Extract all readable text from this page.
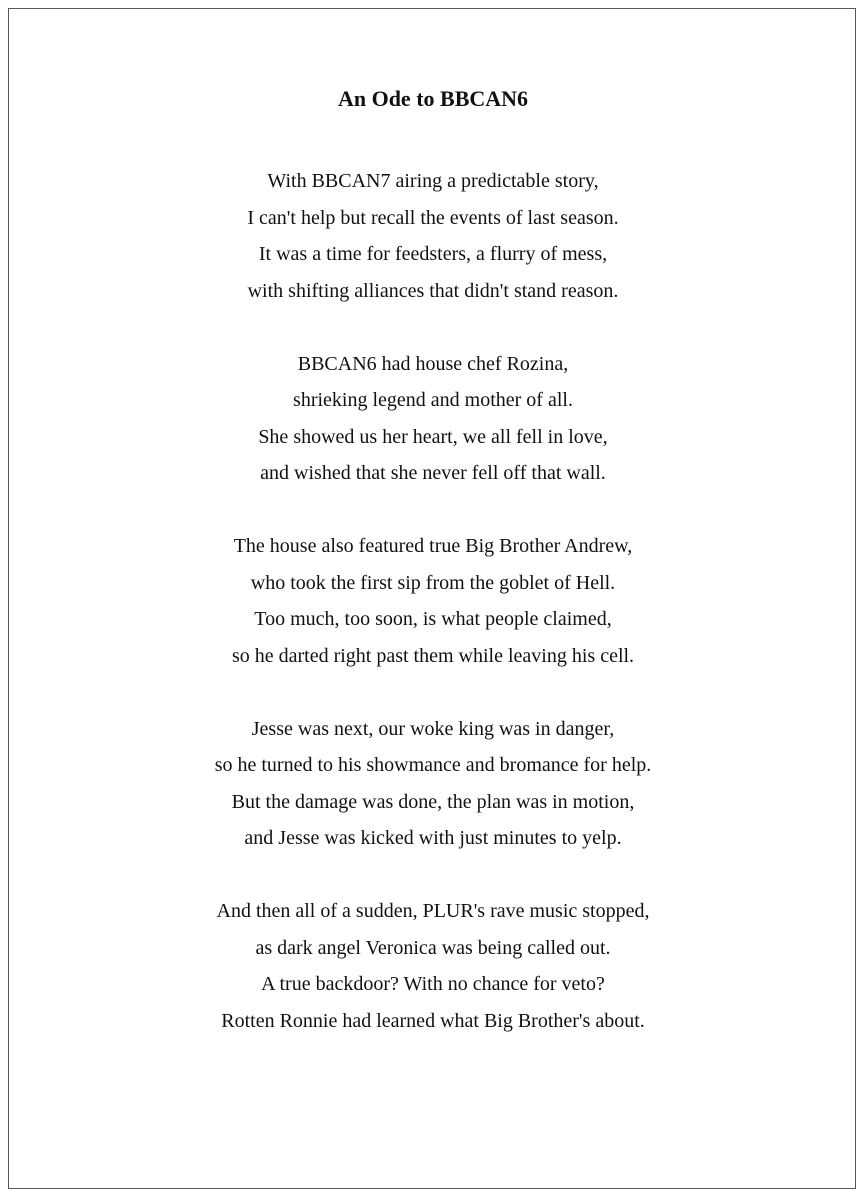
An Ode to BBCAN6
With BBCAN7 airing a predictable story,
I can't help but recall the events of last season.
It was a time for feedsters, a flurry of mess,
with shifting alliances that didn't stand reason.
BBCAN6 had house chef Rozina,
shrieking legend and mother of all.
She showed us her heart, we all fell in love,
and wished that she never fell off that wall.
The house also featured true Big Brother Andrew,
who took the first sip from the goblet of Hell.
Too much, too soon, is what people claimed,
so he darted right past them while leaving his cell.
Jesse was next, our woke king was in danger,
so he turned to his showmance and bromance for help.
But the damage was done, the plan was in motion,
and Jesse was kicked with just minutes to yelp.
And then all of a sudden, PLUR's rave music stopped,
as dark angel Veronica was being called out.
A true backdoor? With no chance for veto?
Rotten Ronnie had learned what Big Brother's about.
